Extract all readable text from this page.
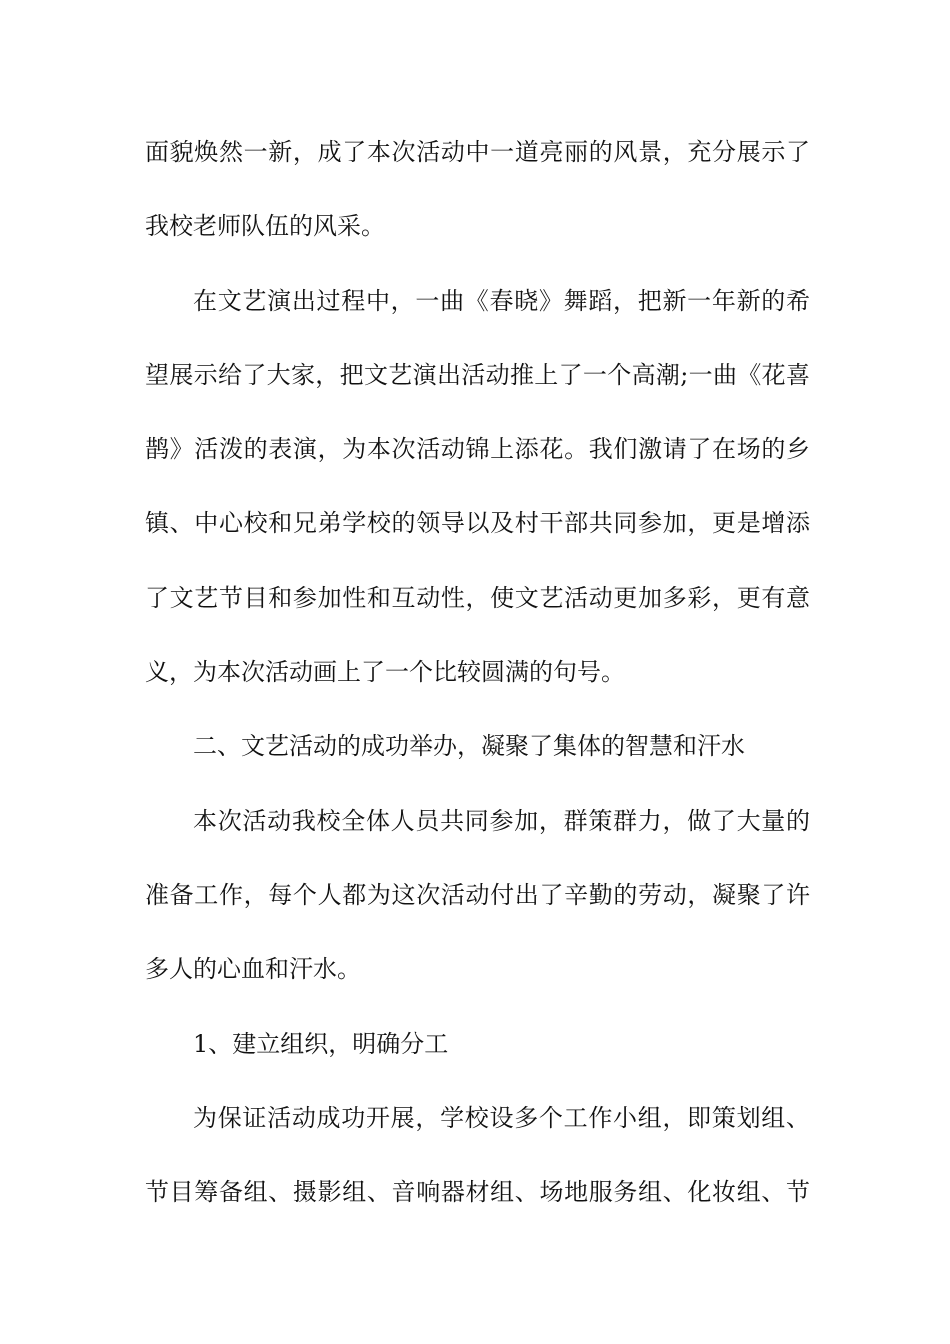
面貌焕然一新，成了本次活动中一道亮丽的风景，充分展示了
我校老师队伍的风采。
在文艺演出过程中，一曲《春晓》舞蹈，把新一年新的希
望展示给了大家，把文艺演出活动推上了一个高潮;一曲《花喜
鹊》活泼的表演，为本次活动锦上添花。我们激请了在场的乡
镇、中心校和兄弟学校的领导以及村干部共同参加，更是增添
了文艺节目和参加性和互动性，使文艺活动更加多彩，更有意
义，为本次活动画上了一个比较圆满的句号。
二、文艺活动的成功举办，凝聚了集体的智慧和汗水
本次活动我校全体人员共同参加，群策群力，做了大量的
准备工作，每个人都为这次活动付出了辛勤的劳动，凝聚了许
多人的心血和汗水。
1、建立组织，明确分工
为保证活动成功开展，学校设多个工作小组，即策划组、
节目筹备组、摄影组、音响器材组、场地服务组、化妆组、节
